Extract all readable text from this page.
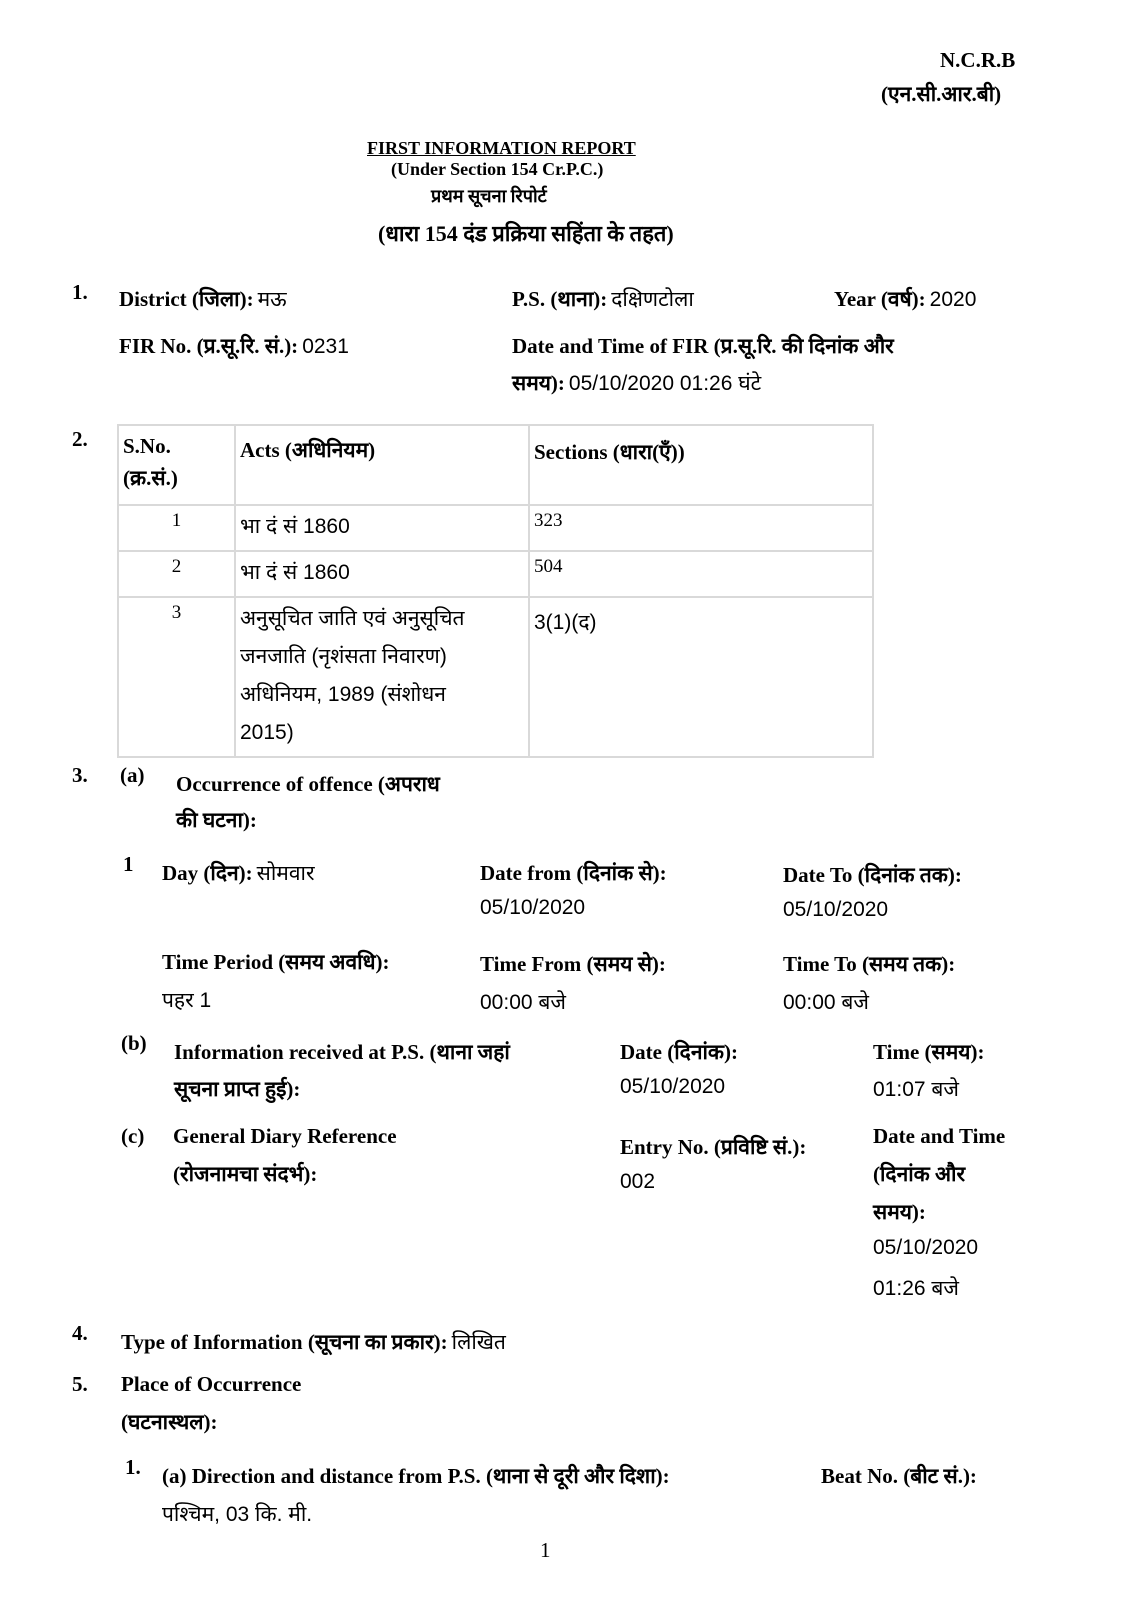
N.C.R.B
(एन.सी.आर.बी)
FIRST INFORMATION REPORT
(Under Section 154 Cr.P.C.)
प्रथम सूचना रिपोर्ट
(धारा 154 दंड प्रक्रिया सहिंता के तहत)
1. District (जिला): मऊ	P.S. (थाना): दक्षिणटोला	Year (वर्ष): 2020
FIR No. (प्र.सू.रि. सं.): 0231	Date and Time of FIR (प्र.सू.रि. की दिनांक और
समय): 05/10/2020 01:26 घंटे
2. S.No.
(क्र.सं.)	Acts (अधिनियम)	Sections (धारा(एँ))
1	भा दं सं 1860	323
2	भा दं सं 1860	504
3	अनुसूचित जाति एवं अनुसूचित
जनजाति (नृशंसता निवारण)
अधिनियम, 1989 (संशोधन
2015)	3(1)(द)
3. (a) Occurrence of offence (अपराध
की घटना):
1 Day (दिन): सोमवार	Date from (दिनांक से):
05/10/2020
Date To (दिनांक तक):
05/10/2020
Time Period (समय अवधि):
पहर 1
Time From (समय से):
00:00 बजे
Time To (समय तक):
00:00 बजे
(b) Information received at P.S. (थाना जहां
सूचना प्राप्त हुई):
Date (दिनांक):
05/10/2020
Time (समय):
01:07 बजे
(c) General Diary Reference
(रोजनामचा संदर्भ):
Entry No. (प्रविष्टि सं.):
002
Date and Time
(दिनांक और
समय):
05/10/2020
01:26 बजे
4. Type of Information (सूचना का प्रकार): लिखित
5. Place of Occurrence
(घटनास्थल):
1. (a) Direction and distance from P.S. (थाना से दूरी और दिशा):
पश्चिम, 03 कि. मी.
Beat No. (बीट सं.):
1
